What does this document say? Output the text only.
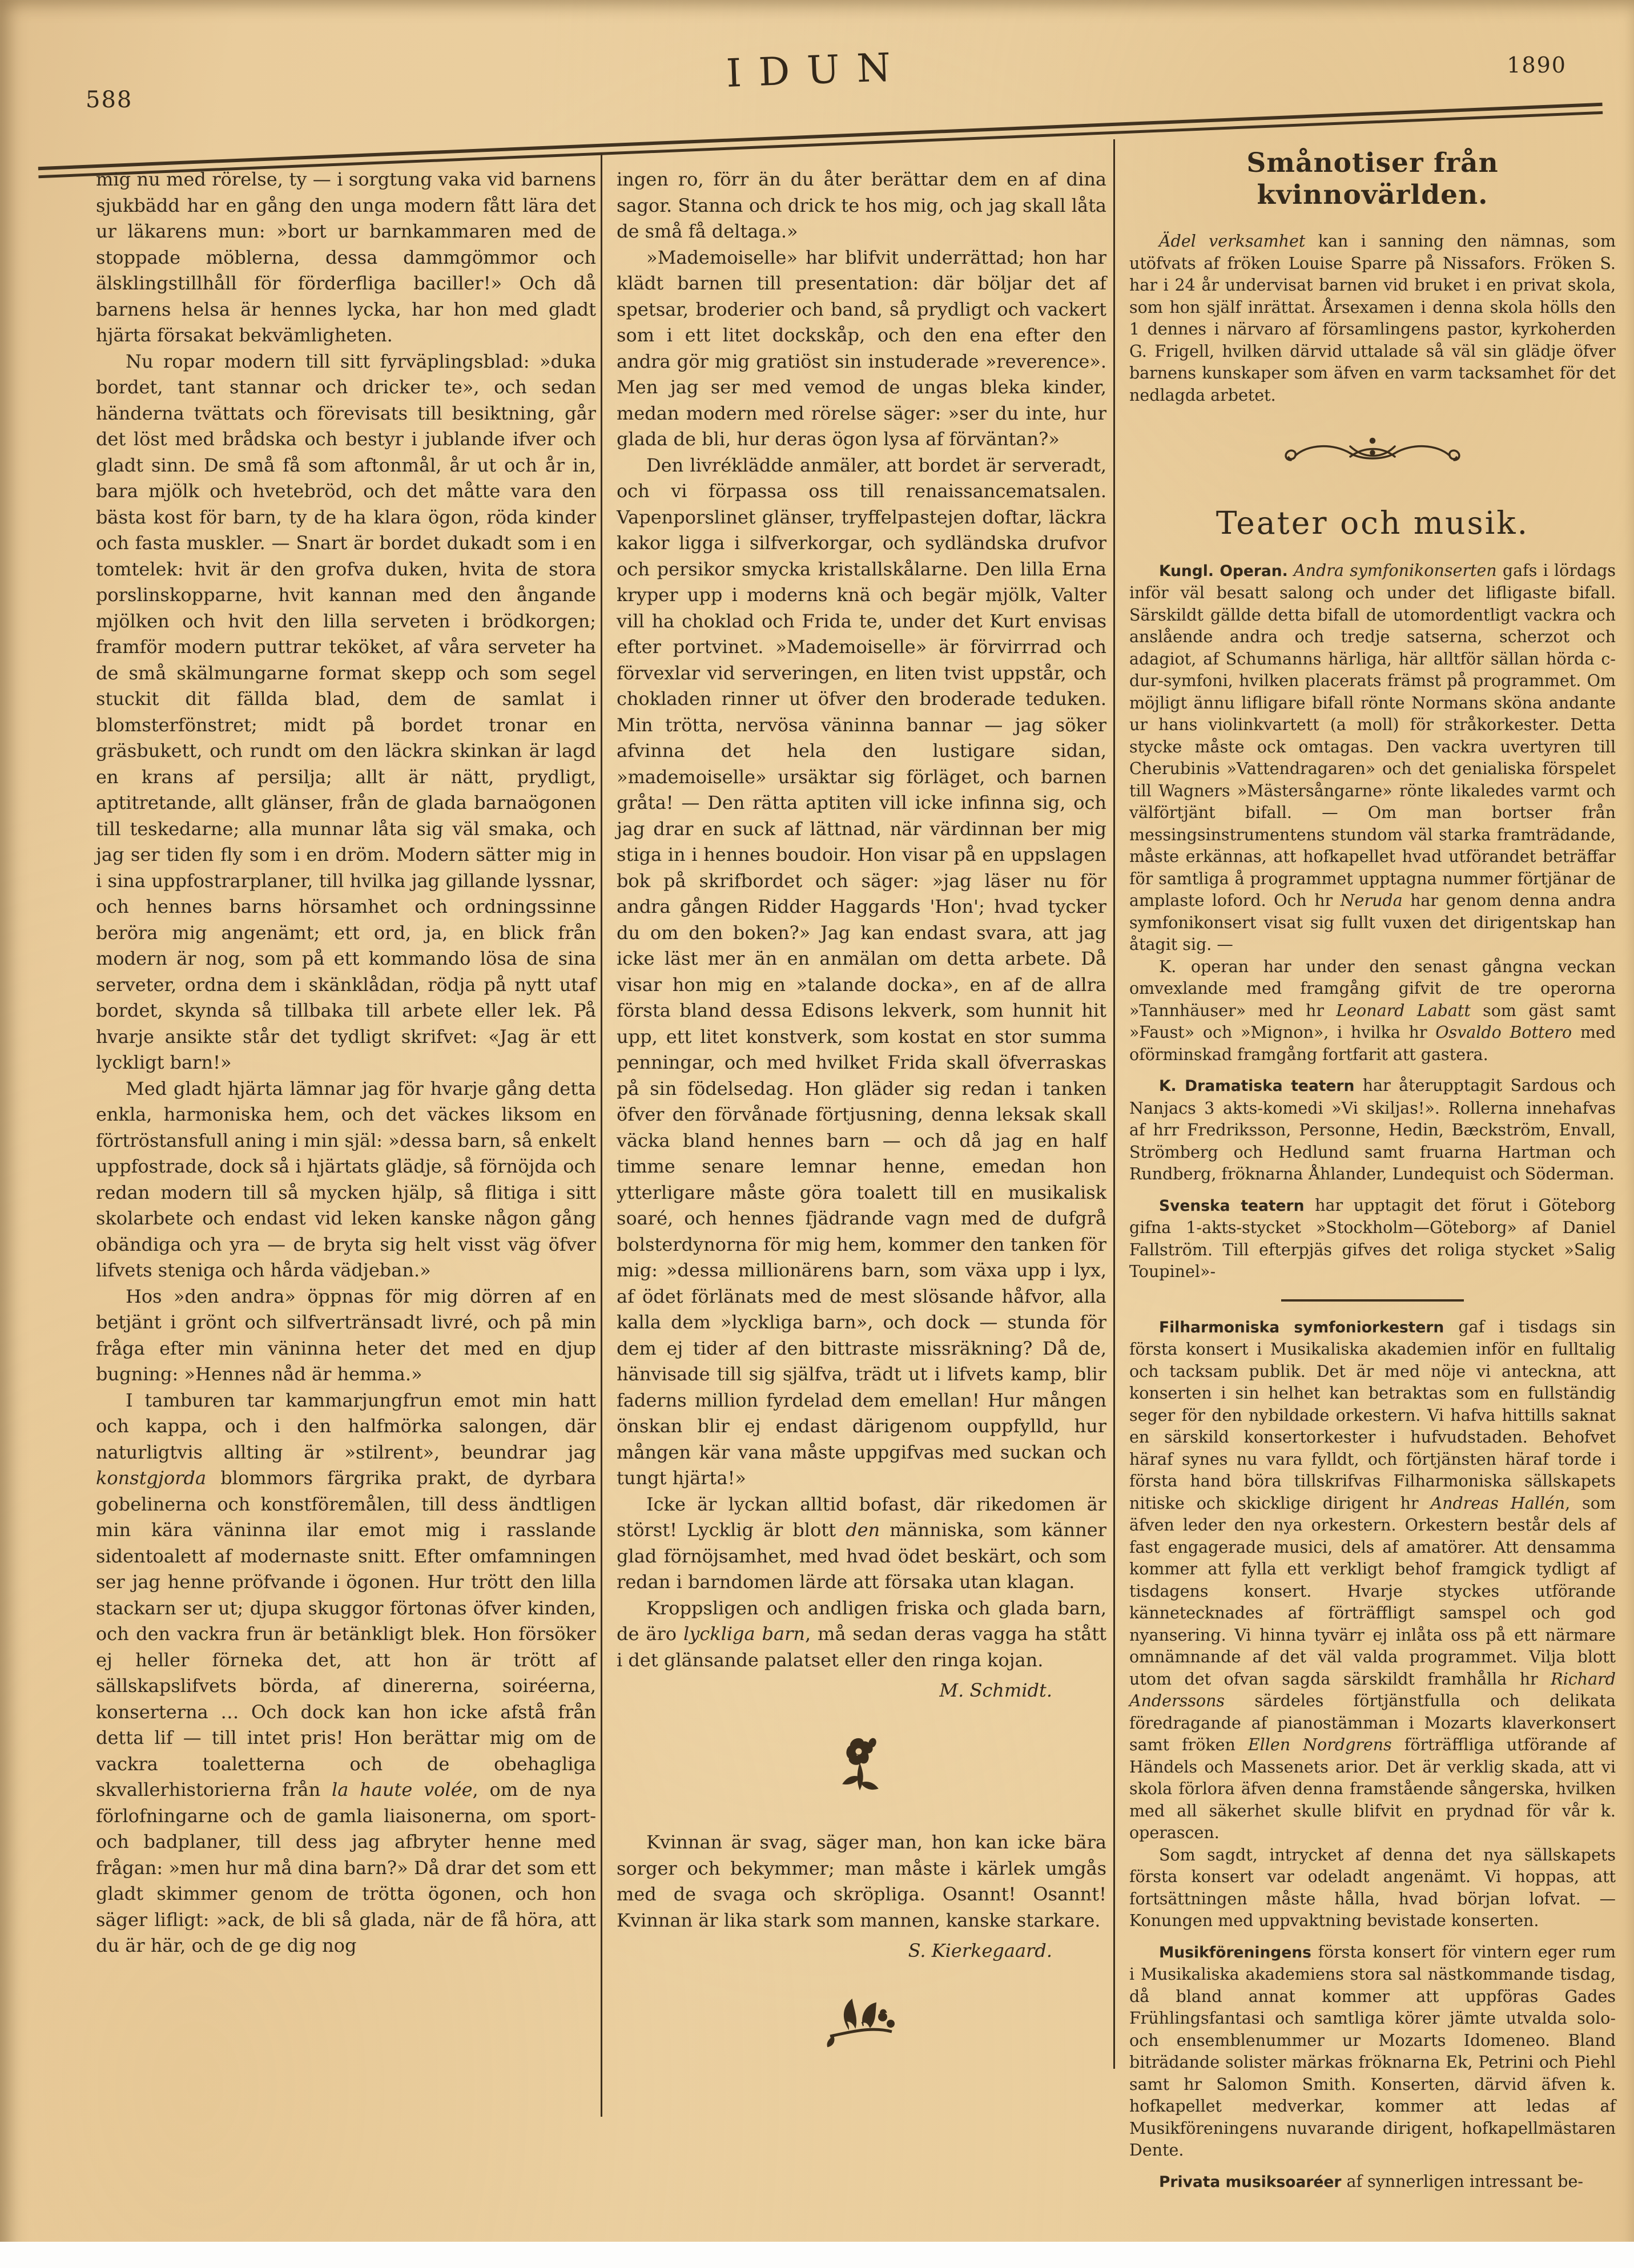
588
IDUN	1890

mig nu med rörelse, ty — i sorgtung vaka vid barnens sjukbädd har en gång den unga modern fått lära det ur läkarens mun: »bort ur barnkammaren med de stoppade möblerna, dessa dammgömmor och älsklingstillhåll för förderfliga baciller!» Och då barnens helsa är hennes lycka, har hon med gladt hjärta försakat bekvämligheten.

Nu ropar modern till sitt fyrväplingsblad: »duka bordet, tant stannar och dricker te», och sedan händerna tvättats och förevisats till besiktning, går det löst med brådska och bestyr i jublande ifver och gladt sinn. De små få som aftonmål, år ut och år in, bara mjölk och hvetebröd, och det måtte vara den bästa kost för barn, ty de ha klara ögon, röda kinder och fasta muskler. — Snart är bordet dukadt som i en tomtelek: hvit är den grofva duken, hvita de stora porslinskopparne, hvit kannan med den ångande mjölken och hvit den lilla serveten i brödkorgen; framför modern puttrar teköket, af våra serveter ha de små skälmungarne format skepp och som segel stuckit dit fällda blad, dem de samlat i blomsterfönstret; midt på bordet tronar en gräsbukett, och rundt om den läckra skinkan är lagd en krans af persilja; allt är nätt, prydligt, aptitretande, allt glänser, från de glada barnaögonen till teskedarne; alla munnar låta sig väl smaka, och jag ser tiden fly som i en dröm. Modern sätter mig in i sina uppfostrarplaner, till hvilka jag gillande lyssnar, och hennes barns hörsamhet och ordningssinne beröra mig angenämt; ett ord, ja, en blick från modern är nog, som på ett kommando lösa de sina serveter, ordna dem i skänklådan, rödja på nytt utaf bordet, skynda så tillbaka till arbete eller lek. På hvarje ansikte står det tydligt skrifvet: «Jag är ett lyckligt barn!»

Med gladt hjärta lämnar jag för hvarje gång detta enkla, harmoniska hem, och det väckes liksom en förtröstansfull aning i min själ: »dessa barn, så enkelt uppfostrade, dock så i hjärtats glädje, så förnöjda och redan modern till så mycken hjälp, så flitiga i sitt skolarbete och endast vid leken kanske någon gång obändiga och yra — de bryta sig helt visst väg öfver lifvets steniga och hårda vädjeban.»

Hos »den andra» öppnas för mig dörren af en betjänt i grönt och silfvertränsadt livré, och på min fråga efter min väninna heter det med en djup bugning: »Hennes nåd är hemma.»

I tamburen tar kammarjungfrun emot min hatt och kappa, och i den halfmörka salongen, där naturligtvis allting är »stilrent», beundrar jag konstgjorda blommors färgrika prakt, de dyrbara gobelinerna och konstföremålen, till dess ändtligen min kära väninna ilar emot mig i rasslande sidentoalett af modernaste snitt. Efter omfamningen ser jag henne pröfvande i ögonen. Hur trött den lilla stackarn ser ut; djupa skuggor förtonas öfver kinden, och den vackra frun är betänkligt blek. Hon försöker ej heller förneka det, att hon är trött af sällskapslifvets börda, af dinererna, soiréerna, konserterna … Och dock kan hon icke afstå från detta lif — till intet pris! Hon berättar mig om de vackra toaletterna och de obehagliga skvallerhistorierna från la haute volée, om de nya förlofningarne och de gamla liaisonerna, om sport- och badplaner, till dess jag afbryter henne med frågan: »men hur må dina barn?» Då drar det som ett gladt skimmer genom de trötta ögonen, och hon säger lifligt: »ack, de bli så glada, när de få höra, att du är här, och de ge dig nog

ingen ro, förr än du åter berättar dem en af dina sagor. Stanna och drick te hos mig, och jag skall låta de små få deltaga.»

»Mademoiselle» har blifvit underrättad; hon har klädt barnen till presentation: där böljar det af spetsar, broderier och band, så prydligt och vackert som i ett litet dockskåp, och den ena efter den andra gör mig gratiöst sin instuderade »reverence». Men jag ser med vemod de ungas bleka kinder, medan modern med rörelse säger: »ser du inte, hur glada de bli, hur deras ögon lysa af förväntan?»

Den livréklädde anmäler, att bordet är serveradt, och vi förpassa oss till renaissancematsalen. Vapenporslinet glänser, tryffelpastejen doftar, läckra kakor ligga i silfverkorgar, och sydländska drufvor och persikor smycka kristallskålarne. Den lilla Erna kryper upp i moderns knä och begär mjölk, Valter vill ha choklad och Frida te, under det Kurt envisas efter portvinet. »Mademoiselle» är förvirrrad och förvexlar vid serveringen, en liten tvist uppstår, och chokladen rinner ut öfver den broderade teduken. Min trötta, nervösa väninna bannar — jag söker afvinna det hela den lustigare sidan, »mademoiselle» ursäktar sig förläget, och barnen gråta! — Den rätta aptiten vill icke infinna sig, och jag drar en suck af lättnad, när värdinnan ber mig stiga in i hennes boudoir. Hon visar på en uppslagen bok på skrifbordet och säger: »jag läser nu för andra gången Ridder Haggards 'Hon'; hvad tycker du om den boken?» Jag kan endast svara, att jag icke läst mer än en anmälan om detta arbete. Då visar hon mig en »talande docka», en af de allra första bland dessa Edisons lekverk, som hunnit hit upp, ett litet konstverk, som kostat en stor summa penningar, och med hvilket Frida skall öfverraskas på sin födelsedag. Hon gläder sig redan i tanken öfver den förvånade förtjusning, denna leksak skall väcka bland hennes barn — och då jag en half timme senare lemnar henne, emedan hon ytterligare måste göra toalett till en musikalisk soaré, och hennes fjädrande vagn med de dufgrå bolsterdynorna för mig hem, kommer den tanken för mig: »dessa millionärens barn, som växa upp i lyx, af ödet förlänats med de mest slösande håfvor, alla kalla dem »lyckliga barn», och dock — stunda för dem ej tider af den bittraste missräkning? Då de, hänvisade till sig själfva, trädt ut i lifvets kamp, blir faderns million fyrdelad dem emellan! Hur mången önskan blir ej endast därigenom ouppfylld, hur mången kär vana måste uppgifvas med suckan och tungt hjärta!»

Icke är lyckan alltid bofast, där rikedomen är störst! Lycklig är blott den människa, som känner glad förnöjsamhet, med hvad ödet beskärt, och som redan i barndomen lärde att försaka utan klagan.

Kroppsligen och andligen friska och glada barn, de äro lyckliga barn, må sedan deras vagga ha stått i det glänsande palatset eller den ringa kojan.

M. Schmidt.

Kvinnan är svag, säger man, hon kan icke bära sorger och bekymmer; man måste i kärlek umgås med de svaga och skröpliga. Osannt! Osannt! Kvinnan är lika stark som mannen, kanske starkare.

S. Kierkegaard.
Smånotiser från kvinnovärlden.

Ädel verksamhet kan i sanning den nämnas, som utöfvats af fröken Louise Sparre på Nissafors. Fröken S. har i 24 år undervisat barnen vid bruket i en privat skola, som hon själf inrättat. Årsexamen i denna skola hölls den 1 dennes i närvaro af församlingens pastor, kyrkoherden G. Frigell, hvilken därvid uttalade så väl sin glädje öfver barnens kunskaper som äfven en varm tacksamhet för det nedlagda arbetet.

Teater och musik.

Kungl. Operan. Andra symfonikonserten gafs i lördags inför väl besatt salong och under det lifligaste bifall. Särskildt gällde detta bifall de utomordentligt vackra och anslående andra och tredje satserna, scherzot och adagiot, af Schumanns härliga, här alltför sällan hörda c-dur-symfoni, hvilken placerats främst på programmet. Om möjligt ännu lifligare bifall rönte Normans sköna andante ur hans violinkvartett (a moll) för stråkorkester. Detta stycke måste ock omtagas. Den vackra uvertyren till Cherubinis »Vattendragaren» och det genialiska förspelet till Wagners »Mästersångarne» rönte likaledes varmt och välförtjänt bifall. — Om man bortser från messingsinstrumentens stundom väl starka framträdande, måste erkännas, att hofkapellet hvad utförandet beträffar för samtliga å programmet upptagna nummer förtjänar de amplaste loford. Och hr Neruda har genom denna andra symfonikonsert visat sig fullt vuxen det dirigentskap han åtagit sig. —

K. operan har under den senast gångna veckan omvexlande med framgång gifvit de tre operorna »Tannhäuser» med hr Leonard Labatt som gäst samt »Faust» och »Mignon», i hvilka hr Osvaldo Bottero med oförminskad framgång fortfarit att gastera.

K. Dramatiska teatern har återupptagit Sardous och Nanjacs 3 akts-komedi »Vi skiljas!». Rollerna innehafvas af hrr Fredriksson, Personne, Hedin, Bæckström, Envall, Strömberg och Hedlund samt fruarna Hartman och Rundberg, fröknarna Åhlander, Lundequist och Söderman.

Svenska teatern har upptagit det förut i Göteborg gifna 1-akts-stycket »Stockholm—Göteborg» af Daniel Fallström. Till efterpjäs gifves det roliga stycket »Salig Toupinel»-

Filharmoniska symfoniorkestern gaf i tisdags sin första konsert i Musikaliska akademien inför en fulltalig och tacksam publik. Det är med nöje vi anteckna, att konserten i sin helhet kan betraktas som en fullständig seger för den nybildade orkestern. Vi hafva hittills saknat en särskild konsertorkester i hufvudstaden. Behofvet häraf synes nu vara fylldt, och förtjänsten häraf torde i första hand böra tillskrifvas Filharmoniska sällskapets nitiske och skicklige dirigent hr Andreas Hallén, som äfven leder den nya orkestern. Orkestern består dels af fast engagerade musici, dels af amatörer. Att densamma kommer att fylla ett verkligt behof framgick tydligt af tisdagens konsert. Hvarje styckes utförande kännetecknades af förträffligt samspel och god nyansering. Vi hinna tyvärr ej inlåta oss på ett närmare omnämnande af det väl valda programmet. Vilja blott utom det ofvan sagda särskildt framhålla hr Richard Anderssons särdeles förtjänstfulla och delikata föredragande af pianostämman i Mozarts klaverkonsert samt fröken Ellen Nordgrens förträffliga utförande af Händels och Massenets arior. Det är verklig skada, att vi skola förlora äfven denna framstående sångerska, hvilken med all säkerhet skulle blifvit en prydnad för vår k. operascen.

Som sagdt, intrycket af denna det nya sällskapets första konsert var odeladt angenämt. Vi hoppas, att fortsättningen måste hålla, hvad början lofvat. — Konungen med uppvaktning bevistade konserten.

Musikföreningens första konsert för vintern eger rum i Musikaliska akademiens stora sal nästkommande tisdag, då bland annat kommer att uppföras Gades Frühlingsfantasi och samtliga körer jämte utvalda solo- och ensemblenummer ur Mozarts Idomeneo. Bland biträdande solister märkas fröknarna Ek, Petrini och Piehl samt hr Salomon Smith. Konserten, därvid äfven k. hofkapellet medverkar, kommer att ledas af Musikföreningens nuvarande dirigent, hofkapellmästaren Dente.

Privata musiksoaréer af synnerligen intressant be-
